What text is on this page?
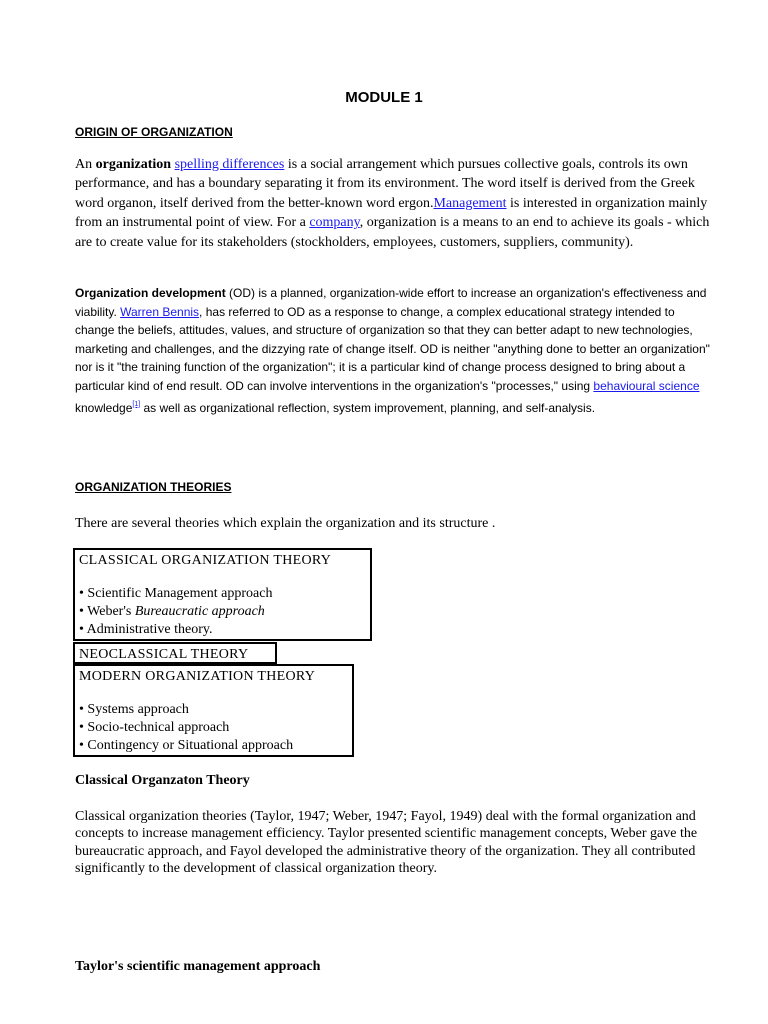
MODULE 1
ORIGIN OF ORGANIZATION
An organization spelling differences is a social arrangement which pursues collective goals, controls its own performance, and has a boundary separating it from its environment. The word itself is derived from the Greek word organon, itself derived from the better-known word ergon.Management is interested in organization mainly from an instrumental point of view. For a company, organization is a means to an end to achieve its goals - which are to create value for its stakeholders (stockholders, employees, customers, suppliers, community).
Organization development (OD) is a planned, organization-wide effort to increase an organization's effectiveness and viability. Warren Bennis, has referred to OD as a response to change, a complex educational strategy intended to change the beliefs, attitudes, values, and structure of organization so that they can better adapt to new technologies, marketing and challenges, and the dizzying rate of change itself. OD is neither "anything done to better an organization" nor is it "the training function of the organization"; it is a particular kind of change process designed to bring about a particular kind of end result. OD can involve interventions in the organization's "processes," using behavioural science knowledge[1] as well as organizational reflection, system improvement, planning, and self-analysis.
ORGANIZATION THEORIES
There are several theories which explain the organization and its structure .
CLASSICAL ORGANIZATION THEORY
• Scientific Management approach
• Weber's Bureaucratic approach
• Administrative theory.
NEOCLASSICAL THEORY
MODERN ORGANIZATION THEORY
• Systems approach
• Socio-technical approach
• Contingency or Situational approach
Classical Organzaton Theory
Classical organization theories (Taylor, 1947; Weber, 1947; Fayol, 1949) deal with the formal organization and concepts to increase management efficiency. Taylor presented scientific management concepts, Weber gave the bureaucratic approach, and Fayol developed the administrative theory of the organization. They all contributed significantly to the development of classical organization theory.
Taylor's scientific management approach
